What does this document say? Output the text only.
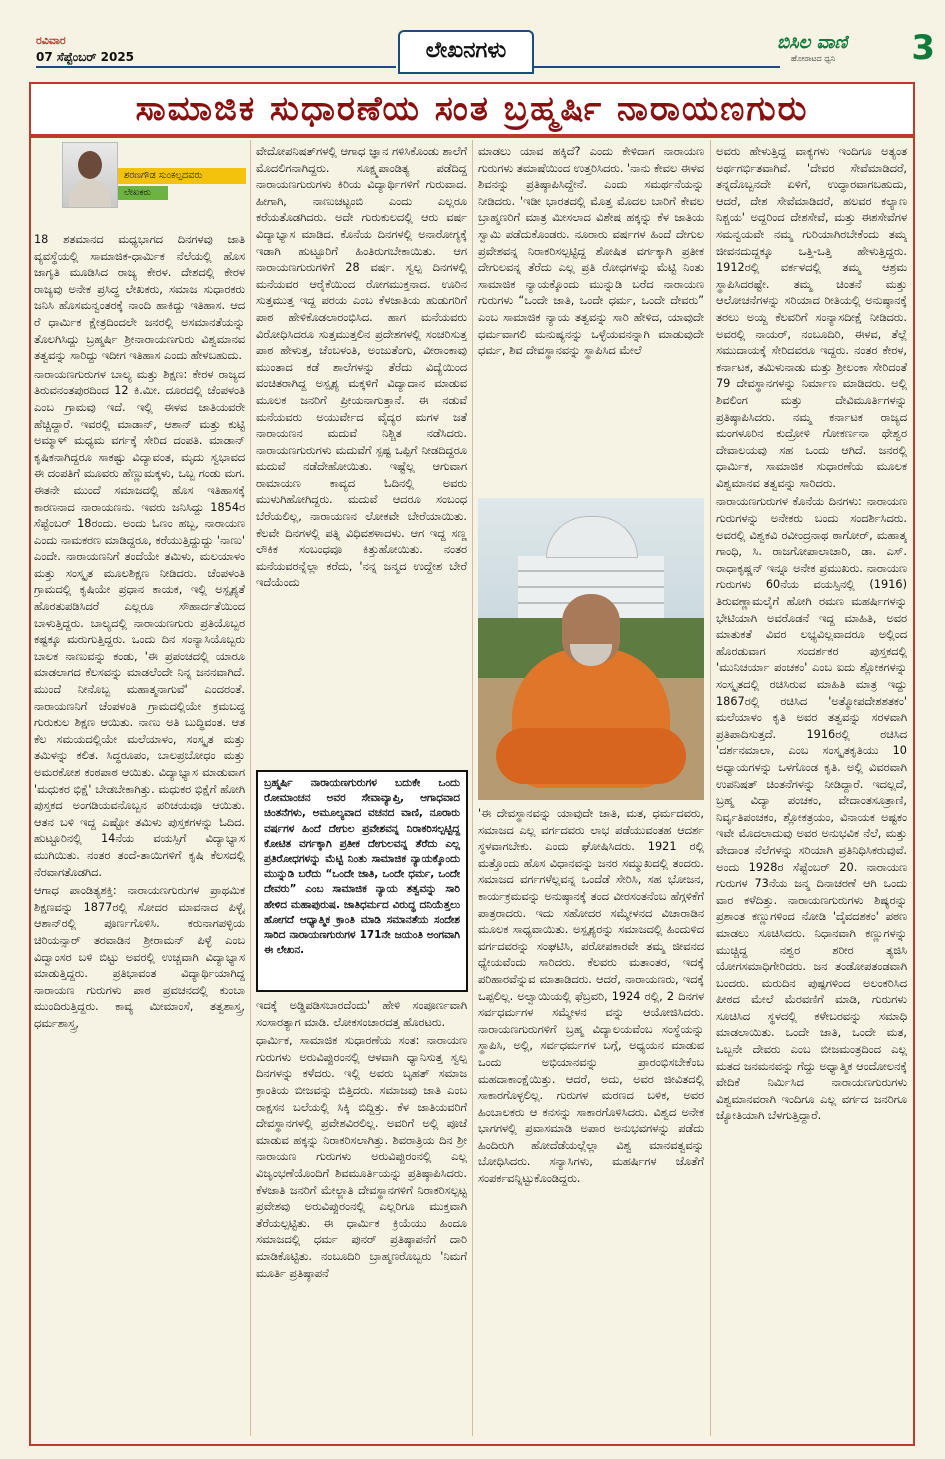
ರವಿವಾರ
07 ಸೆಪ್ಟೆಂಬರ್ 2025	ಲೇಖನಗಳು	ಬಿಸಿಲ ವಾಣಿ
ಹೋರಾಟದ ಧ್ವನಿ 3
ಸಾಮಾಜಿಕ ಸುಧಾರಣೆಯ ಸಂತ ಬ್ರಹ್ಮರ್ಷಿ ನಾರಾಯಣಗುರು
ಶರಣಗೌಡ ಸುಂಕಲ್ಪದವರು
ಲೇಖಕರು

18 ಶತಮಾನದ ಮಧ್ಯಭಾಗದ ದಿನಗಳವು ಜಾತಿ ವ್ಯವಸ್ಥೆಯಲ್ಲಿ ಸಾಮಾಜಿಕ-ಧಾರ್ಮಿಕ ನೆಲೆಯಲ್ಲಿ ಹೊಸ ಜಾಗೃತಿ ಮೂಡಿಸಿದ ರಾಜ್ಯ ಕೇರಳ. ದೇಶದಲ್ಲಿ ಕೇರಳ ರಾಜ್ಯವು ಅನೇಕ ಪ್ರಸಿದ್ಧ ಲೇಖಕರು, ಸಮಾಜ ಸುಧಾರಕರು ಜನಿಸಿ ಹೊಸಮನ್ವಂತರಕ್ಕೆ ನಾಂದಿ ಹಾಕಿದ್ದು ಇತಿಹಾಸ. ಆದ ರೆ ಧಾರ್ಮಿಕ ಕ್ಷೇತ್ರದಿಂದಲೇ ಜನರಲ್ಲಿ ಅಸಮಾನತೆಯನ್ನು ತೊಲಗಿಸಿದ್ದು ಬ್ರಹ್ಮರ್ಷಿ ಶ್ರೀನಾರಾಯಣಗುರು ವಿಶ್ವಮಾನವ ತತ್ವವನ್ನು ಸಾರಿದ್ದು ಇದೀಗ ಇತಿಹಾಸ ಎಂದು ಹೇಳಬಹುದು.

ನಾರಾಯಣಗುರುಗಳ ಬಾಲ್ಯ ಮತ್ತು ಶಿಕ್ಷಣ: ಕೇರಳ ರಾಜ್ಯದ ತಿರುವನಂತಪುರದಿಂದ 12 ಕಿ.ಮೀ. ದೂರದಲ್ಲಿ ಚೆಂಪಳಂತಿ ಎಂಬ ಗ್ರಾಮವು ಇದೆ. ಇಲ್ಲಿ ಈಳವ ಜಾತಿಯವರೇ ಹೆಚ್ಚಿದ್ದಾರೆ. ಇವರಲ್ಲಿ ಮಾಡಾನ್, ಆಶಾನ್ ಮತ್ತು ಕುಟ್ಟಿ ಅಮ್ಮಾಳ್ ಮಧ್ಯಮ ವರ್ಗಕ್ಕೆ ಸೇರಿದ ದಂಪತಿ. ಮಾಡಾನ್ ಕೃಷಿಕನಾಗಿದ್ದರೂ ಸಾಕಷ್ಟು ವಿದ್ಯಾವಂತ, ಮೃದು ಸ್ವಭಾವದ ಈ ದಂಪತಿಗೆ ಮೂವರು ಹೆಣ್ಣುಮಕ್ಕಳು, ಒಬ್ಬ ಗಂಡು ಮಗ. ಈತನೇ ಮುಂದೆ ಸಮಾಜದಲ್ಲಿ ಹೊಸ ಇತಿಹಾಸಕ್ಕೆ ಕಾರಣನಾದ ನಾರಾಯಣನು. ಇವರು ಜನಿಸಿದ್ದು 1854ರ ಸೆಪ್ಟೆಂಬರ್ 18ರಂದು. ಅಂದು ಓಣಂ ಹಬ್ಬ, ನಾರಾಯಣ ಎಂದು ನಾಮಕರಣ ಮಾಡಿದ್ದರೂ, ಕರೆಯುತ್ತಿದ್ದುದ್ದು 'ನಾಣು' ಎಂದೇ. ನಾರಾಯಣನಿಗೆ ತಂದೆಯೇ ತಮಿಳು, ಮಲಯಾಳಂ ಮತ್ತು ಸಂಸ್ಕೃತ ಮೂಲಶಿಕ್ಷಣ ನೀಡಿದರು. ಚೆಂಪಳಂತಿ ಗ್ರಾಮದಲ್ಲಿ ಕೃಷಿಯೇ ಪ್ರಧಾನ ಕಾಯಕ, ಇಲ್ಲಿ ಅಸ್ಪೃಶ್ಯತೆ ಹೊರತುಪಡಿಸಿದರೆ ಎಲ್ಲರೂ ಸೌಹಾರ್ದತೆಯಿಂದ ಬಾಳುತ್ತಿದ್ದರು. ಬಾಲ್ಯದಲ್ಲಿ ನಾರಾಯಣಗುರು ಪ್ರತಿಯೊಬ್ಬರ ಕಷ್ಟಕ್ಕೂ ಮರುಗುತ್ತಿದ್ದರು. ಒಂದು ದಿನ ಸಂನ್ಯಾಸಿಯೊಬ್ಬರು ಬಾಲಕ ನಾಣುವನ್ನು ಕಂಡು, 'ಈ ಪ್ರಪಂಚದಲ್ಲಿ ಯಾರೂ ಮಾಡಲಾಗದ ಕೆಲಸವನ್ನು ಮಾಡಲೆಂದೇ ನಿನ್ನ ಜನನವಾಗಿದೆ. ಮುಂದೆ ನೀನೊಬ್ಬ ಮಹಾತ್ಮನಾಗುವೆ' ಎಂದರಂತೆ. ನಾರಾಯಣನಿಗೆ ಚೆಂಪಳಂತಿ ಗ್ರಾಮದಲ್ಲಿಯೇ ಕ್ರಮಬದ್ಧ ಗುರುಕುಲ ಶಿಕ್ಷಣ ಆಯಿತು. ನಾಣು ಅತಿ ಬುದ್ಧಿವಂತ. ಆತ ಕೆಲ ಸಮಯದಲ್ಲಿಯೇ ಮಲೆಯಾಳಂ, ಸಂಸ್ಕೃತ ಮತ್ತು ತಮಿಳನ್ನು ಕಲಿತ. ಸಿದ್ಧರೂಪಂ, ಬಾಲಪ್ರಬೋಧಂ ಮತ್ತು ಅಮರಕೋಶ ಕಂಠಪಾಠ ಆಯಿತು. ವಿದ್ಯಾಭ್ಯಾಸ ಮಾಡುವಾಗ 'ಮಧುಕರ ಭಿಕ್ಷೆ' ಬೇಡಬೇಕಾಗಿತ್ತು. ಮಧುಕರ ಭಿಕ್ಷೆಗೆ ಹೋಗಿ ಪುಸ್ತಕದ ಅಂಗಡಿಯವನೊಬ್ಬನ ಪರಿಚಯವೂ ಆಯಿತು. ಆತನ ಬಳಿ ಇದ್ದ ಎಷ್ಟೋ ತಮಿಳು ಪುಸ್ತಕಗಳನ್ನು ಓದಿದ. ಹುಟ್ಟೂರಿನಲ್ಲಿ 14ನೆಯ ವಯಸ್ಸಿಗೆ ವಿದ್ಯಾಭ್ಯಾಸ ಮುಗಿಯಿತು. ನಂತರ ತಂದೆ-ತಾಯಿಗಳಿಗೆ ಕೃಷಿ ಕೆಲಸದಲ್ಲಿ ನೆರವಾಗತೊಡಗಿದ.

ಆಗಾಧ ಪಾಂಡಿತ್ಯಶಕ್ತಿ: ನಾರಾಯಣಗುರುಗಳ ಪ್ರಾಥಮಿಕ ಶಿಕ್ಷಣವನ್ನು 1877ರಲ್ಲಿ ಸೋದರ ಮಾವನಾದ ಪಿಳ್ಳೈ ಆಶಾನ್‌ರಲ್ಲಿ ಪೂರ್ಣಗೊಳಿಸಿ. ಕರುನಾಗಪಳ್ಳಿಯ ಚಿರಿಯನ್ಸಾರ್ ತರವಾಡಿನ ಶ್ರೀರಾಮನ್ ಪಿಳ್ಳೆ ಎಂಬ ವಿದ್ವಾಂಸರ ಬಳಿ ಬಿಟ್ಟು ಅವರಲ್ಲಿ ಉಚ್ಚವಾಗಿ ವಿದ್ಯಾಭ್ಯಾಸ ಮಾಡುತ್ತಿದ್ದರು. ಪ್ರತಿಭಾವಂತ ವಿದ್ಯಾರ್ಥಿಯಾಗಿದ್ದ ನಾರಾಯಣ ಗುರುಗಳು ಪಾಠ ಪ್ರವಚನದಲ್ಲಿ ಕುಂಬಾ ಮುಂದಿರುತ್ತಿದ್ದರು. ಕಾವ್ಯ ಮೀಮಾಂಸೆ, ತತ್ವಶಾಸ್ತ್ರ, ಧರ್ಮಶಾಸ್ತ್ರ,

ವೇದೋಪನಿಷತ್‌ಗಳಲ್ಲಿ ಆಗಾಧ ಜ್ಞಾನ ಗಳಿಸಿಕೊಂಡು ಶಾಲೆಗೆ ಮೊದಲಿಗನಾಗಿದ್ದರು. ಸೂಕ್ಷ್ಮಪಾಂಡಿತ್ಯ ಪಡೆದಿದ್ದ ನಾರಾಯಣಗುರುಗಳು ಕಿರಿಯ ವಿದ್ಯಾರ್ಥಿಗಳಿಗೆ ಗುರುವಾದ. ಹೀಗಾಗಿ, ನಾಣುಚಟ್ಟಂಬಿ ಎಂದು ಎಲ್ಲರೂ ಕರೆಯತೊಡಗಿದರು. ಅದೇ ಗುರುಕುಲದಲ್ಲಿ ಆರು ವರ್ಷ ವಿದ್ಯಾಭ್ಯಾಸ ಮಾಡಿದ. ಕೊನೆಯ ದಿನಗಳಲ್ಲಿ ಅನಾರೋಗ್ಯಕ್ಕೆ ಇಡಾಗಿ ಹುಟ್ಟೂರಿಗೆ ಹಿಂತಿರುಗಬೇಕಾಯಿತು. ಆಗ ನಾರಾಯಣಗುರುಗಳಿಗೆ 28 ವರ್ಷ. ಸ್ವಲ್ಪ ದಿನಗಳಲ್ಲಿ ಮನೆಯವರ ಆರೈಕೆಯಿಂದ ರೋಗಮುಕ್ತನಾದ. ಊರಿನ ಸುತ್ತಮುತ್ತ ಇದ್ದ ಪರಯ ಎಂಬ ಕೆಳಜಾತಿಯ ಹುಡುಗರಿಗೆ ಪಾಠ ಹೇಳಿಕೊಡಲಾರಂಭಿಸಿದ. ಹಾಗ ಮನೆಯವರು ವಿರೋಧಿಸಿದರೂ ಸುತ್ತಮುತ್ತಲಿನ ಪ್ರದೇಶಗಳಲ್ಲಿ ಸಂಚರಿಸುತ್ತ ಪಾಠ ಹೇಳುತ್ತ, ಚೆಂಬಳಂತಿ, ಅಂಜುತೆಂಗು, ವೀರಾಂಕಾವು ಮುಂತಾದ ಕಡೆ ಶಾಲೆಗಳನ್ನು ತೆರೆದು ವಿದ್ಯೆಯಿಂದ ವಂಚಿತರಾಗಿದ್ದ ಅಸ್ಪೃಶ್ಯ ಮಕ್ಕಳಿಗೆ ವಿದ್ಯಾದಾನ ಮಾಡುವ ಮೂಲಕ ಜನರಿಗೆ ಪ್ರೀಯನಾಗುತ್ತಾನೆ. ಈ ನಡುವೆ ಮನೆಯವರು ಅಯುರ್ವೇದ ವೈದ್ಯರ ಮಗಳ ಜತೆ ನಾರಾಯಣನ ಮದುವೆ ನಿಶ್ಚಿತ ನಡೆಸಿದರು. ನಾರಾಯಣಗುರುಗಳು ಮದುವೆಗೆ ಸ್ಪಷ್ಟ ಒಪ್ಪಿಗೆ ನೀಡದಿದ್ದರೂ ಮದುವೆ ನಡೆದೇಹೋಯಿತು. ಇಷ್ಟೆಲ್ಲ ಆಗುವಾಗ ರಾಮಾಯಣ ಕಾವ್ಯದ ಓದಿನಲ್ಲಿ ಅವರು ಮುಳುಗಿಹೋಗಿದ್ದರು. ಮದುವೆ ಆದರೂ ಸಂಬಂಧ ಬೆರೆಯಲಿಲ್ಲ, ನಾರಾಯಣನ ಲೋಕವೇ ಬೇರೆಯಾಯಿತು. ಕೆಲವೇ ದಿನಗಳಲ್ಲಿ ಪತ್ನಿ ವಿಧಿವಶಳಾದಳು. ಆಗ ಇದ್ದ ಸಣ್ಣ ಲೌಕಿಕ ಸಂಬಂಧವೂ ಕಿತ್ತುಹೋಯಿತು. ನಂತರ ಮನೆಯವರನ್ನೆಲ್ಲಾ ಕರೆದು, 'ನನ್ನ ಜನ್ಮದ ಉದ್ದೇಶ ಬೇರೆ ಇದೆಯೆಂದು

ಬ್ರಹ್ಮರ್ಷಿ ನಾರಾಯಣಗುರುಗಳ ಬದುಕೇ ಒಂದು ರೋಮಾಂಚನ ಅವರ ಸೇವಾವ್ಯಾಪ್ತಿ, ಆಗಾಧವಾದ ಚಿಂತನೆಗಳು, ಅಮೂಲ್ಯವಾದ ವಚನದ ವಾಣಿ, ನೂರಾರು ವರ್ಷಗಳ ಹಿಂದೆ ದೇಗುಲ ಪ್ರವೇಶವನ್ನ ನಿರಾಕರಿಸಲ್ಪಟ್ಟಿದ್ದ ಕೋಟಿತ ವರ್ಗಕ್ಕಾಗಿ ಪ್ರತೀಕ ದೇಗುಲವನ್ನ ತೆರೆದು ಎಲ್ಲ ಪ್ರತಿರೋಧಗಳನ್ನು ಮೆಟ್ಟಿ ನಿಂತು ಸಾಮಾಜಿಕ ನ್ಯಾಯಕ್ಕೊಂದು ಮುನ್ನುಡಿ ಬರೆದು “ಒಂದೇ ಜಾತಿ, ಒಂದೇ ಧರ್ಮ, ಒಂದೇ ದೇವರು” ಎಂಬ ಸಾಮಾಜಿಕ ನ್ಯಾಯ ತತ್ವವನ್ನು ಸಾರಿ ಹೇಳಿದ ಮಹಾಪುರುಷ. ಜಾತಿಧರ್ಮದ ವಿರುದ್ಧ ದನಿಯೆತ್ತಲು ಹೋಗದೆ ಆಧ್ಯಾತ್ಮಿಕ ಕ್ರಾಂತಿ ಮಾಡಿ ಸಮಾನತೆಯ ಸಂದೇಶ ಸಾರಿದ ನಾರಾಯಣಗುರುಗಳ 171ನೇ ಜಯಂತಿ ಅಂಗವಾಗಿ ಈ ಲೇಖನ.

ಇದಕ್ಕೆ ಅಡ್ಡಿಪಡಿಸಬಾರದೆಂದು' ಹೇಳಿ ಸಂಪೂರ್ಣವಾಗಿ ಸಂಸಾರತ್ಯಾಗ ಮಾಡಿ. ಲೋಕಸಂಚಾರದತ್ತ ಹೊರಟರು.

ಧಾರ್ಮಿಕ, ಸಾಮಾಜಿಕ ಸುಧಾರಣೆಯ ಸಂತ: ನಾರಾಯಣ ಗುರುಗಳು ಅರುವಿಪ್ಪುರಂನಲ್ಲಿ ಆಳವಾಗಿ ಧ್ಯಾನಿಸುತ್ತ ಸ್ವಲ್ಪ ದಿನಗಳನ್ನು ಕಳೆದರು. ಇಲ್ಲಿ ಅವರು ಬೃಹತ್ ಸಮಾಜ ಕ್ರಾಂತಿಯ ಬೀಜವನ್ನು ಬಿತ್ತಿದರು. ಸಮಾಜವು ಜಾತಿ ಎಂಬ ರಾಕ್ಷಸನ ಬಲೆಯಲ್ಲಿ ಸಿಕ್ಕಿ ಬಿದ್ದಿತ್ತು. ಕೆಳ ಜಾತಿಯವರಿಗೆ ದೇವಸ್ಥಾನಗಳಲ್ಲಿ ಪ್ರವೇಶವಿರಲಿಲ್ಲ. ಅವರಿಗೆ ಅಲ್ಲಿ ಪೂಜೆ ಮಾಡುವ ಹಕ್ಕನ್ನು ನಿರಾಕರಿಸಲಾಗಿತ್ತು. ಶಿವರಾತ್ರಿಯ ದಿನ ಶ್ರೀ ನಾರಾಯಣ ಗುರುಗಳು ಅರುವಿಪ್ಪುರಂನಲ್ಲಿ ಎಲ್ಲ ವಿಜೃಂಭಣೆಯೊಂದಿಗೆ ಶಿವಮೂರ್ತಿಯನ್ನು ಪ್ರತಿಷ್ಠಾಪಿಸಿದರು. ಕೆಳಜಾತಿ ಜನರಿಗೆ ಮೇಲ್ಜಾತಿ ದೇವಸ್ಥಾನಗಳಿಗೆ ನಿರಾಕರಿಸಲ್ಪಟ್ಟ ಪ್ರವೇಶವು ಅರುವಿಪ್ಪುರಂನಲ್ಲಿ ಎಲ್ಲರಿಗೂ ಮುಕ್ತವಾಗಿ ತೆರೆಯಲ್ಪಟ್ಟಿತು. ಈ ಧಾರ್ಮಿಕ ಕ್ರಿಯೆಯು ಹಿಂದೂ ಸಮಾಜದಲ್ಲಿ ಧರ್ಮ ಪುನರ್ ಪ್ರತಿಷ್ಠಾಪನೆಗೆ ದಾರಿ ಮಾಡಿಕೊಟ್ಟಿತು. ನಂಬೂದಿರಿ ಬ್ರಾಹ್ಮಣರೊಬ್ಬರು 'ನಿಮಗೆ ಮೂರ್ತಿ ಪ್ರತಿಷ್ಠಾಪನೆ

ಮಾಡಲು ಯಾವ ಹಕ್ಕಿದೆ? ಎಂದು ಕೇಳಿದಾಗ ನಾರಾಯಣ ಗುರುಗಳು ತಮಾಷೆಯಿಂದ ಉತ್ತರಿಸಿದರು. 'ನಾನು ಕೇವಲ ಈಳವ ಶಿವನನ್ನು ಪ್ರತಿಷ್ಠಾಪಿಸಿದ್ದೇನೆ. ಎಂದು ಸಮರ್ಥನೆಯನ್ನು ನೀಡಿದರು. 'ಇಡೀ ಭಾರತದಲ್ಲಿ ಮೊತ್ತ ಮೊದಲ ಬಾರಿಗೆ ಕೇವಲ ಬ್ರಾಹ್ಮಣರಿಗೆ ಮಾತ್ರ ಮೀಸಲಾದ ವಿಶೇಷ ಹಕ್ಕನ್ನು ಕೆಳ ಜಾತಿಯ ಸ್ವಾಮಿ ಪಡೆದುಕೊಂಡರು. ನೂರಾರು ವರ್ಷಗಳ ಹಿಂದೆ ದೇಗುಲ ಪ್ರವೇಶವನ್ನ ನಿರಾಕರಿಸಲ್ಪಟ್ಟಿದ್ದ ಶೋಷಿತ ವರ್ಗಕ್ಕಾಗಿ ಪ್ರತೀಕ ದೇಗುಲವನ್ನ ತೆರೆದು ಎಲ್ಲ ಪ್ರತಿ ರೋಧಗಳನ್ನು ಮೆಟ್ಟಿ ನಿಂತು ಸಾಮಾಜಿಕ ನ್ಯಾಯಕ್ಕೊಂದು ಮುನ್ನುಡಿ ಬರೆದ ನಾರಾಯಣ ಗುರುಗಳು “ಒಂದೇ ಜಾತಿ, ಒಂದೇ ಧರ್ಮ, ಒಂದೇ ದೇವರು” ಎಂಬ ಸಾಮಾಜಿಕ ನ್ಯಾಯ ತತ್ವವನ್ನು ಸಾರಿ ಹೇಳಿದ, ಯಾವುದೇ ಧರ್ಮವಾಗಲಿ ಮನುಷ್ಯನನ್ನು ಒಳ್ಳೆಯವನನ್ನಾಗಿ ಮಾಡುವುದೇ ಧರ್ಮ, ಶಿವ ದೇವಸ್ಥಾನವನ್ನು ಸ್ಥಾಪಿಸಿದ ಮೇಲೆ

'ಈ ದೇವಸ್ಥಾನವನ್ನು ಯಾವುದೇ ಜಾತಿ, ಮತ, ಧರ್ಮದವರು, ಸಮಾಜದ ಎಲ್ಲ ವರ್ಗದವರು ಲಾಭ ಪಡೆಯುವಂತಹ ಆದರ್ಶ ಸ್ಥಳವಾಗಬೇಕು. ಎಂದು ಘೋಷಿಸಿದರು. 1921 ರಲ್ಲಿ ಮತ್ತೊಂದು ಹೊಸ ವಿಧಾನವನ್ನು ಜನರ ಸಮ್ಮುಖದಲ್ಲಿ ತಂದರು. ಸಮಾಜದ ವರ್ಗಗಳೆಲ್ಲವನ್ನ ಒಂದೆಡೆ ಸೇರಿಸಿ, ಸಹ ಭೋಜನ, ಕಾರ್ಯಕ್ರಮವನ್ನು ಅನುಷ್ಠಾನಕ್ಕೆ ತಂದ ವೀರಸಂತನೆಂಬ ಹೆಗ್ಗಳಿಕೆಗೆ ಪಾತ್ರರಾದರು. ಇದು ಸಹೋದರ ಸಮ್ಮೇಳನದ ವಿಚಾರಾಡಿನ ಮೂಲಕ ಸಾಧ್ಯವಾಯಿತು. ಅಸ್ಪೃಶ್ಯರನ್ನು ಸಮಾಜದಲ್ಲಿ ಹಿಂದುಳಿದ ವರ್ಗದವರನ್ನು ಸಂಘಟಿಸಿ, ಪರೋಪಕಾರವೇ ತಮ್ಮ ಜೀವನದ ಧ್ಯೇಯವೆಂದು ಸಾರಿದರು. ಕೆಲವರು ಮತಾಂತರ, ಇದಕ್ಕೆ ಪರಿಹಾರವೆನ್ನುವ ಮಾತಾಡಿದರು. ಆದರೆ, ನಾರಾಯಣರು, ಇದಕ್ಕೆ ಒಪ್ಪಲಿಲ್ಲ. ಅಲ್ವಾಯಿಯಲ್ಲಿ ಫೆಬ್ರವರಿ, 1924 ರಲ್ಲಿ, 2 ದಿನಗಳ ಸರ್ವಧರ್ಮಗಳ ಸಮ್ಮೇಳನ ವನ್ನು ಆಯೋಜಿಸಿದರು. ನಾರಾಯಣಗುರುಗಳಿಗೆ ಬ್ರಹ್ಮ ವಿದ್ಯಾಲಯವೆಂಬ ಸಂಸ್ಥೆಯನ್ನು ಸ್ಥಾಪಿಸಿ, ಅಲ್ಲಿ, ಸರ್ವಧರ್ಮಗಳ ಬಗ್ಗೆ, ಅಧ್ಯಯನ ಮಾಡುವ ಒಂದು ಅಭಿಯಾನವನ್ನು ಪ್ರಾರಂಭಿಸಬೇಕೆಂಬ ಮಹದಾಕಾಂಕ್ಷೆಯಿತ್ತು. ಆದರೆ, ಅದು, ಅವರ ಜೀವಿತದಲ್ಲಿ ಸಾಕಾರಗೊಳ್ಳಲಿಲ್ಲ. ಗುರುಗಳ ಮರಣದ ಬಳಿಕ, ಅವರ ಹಿಂಬಾಲಕರು ಆ ಕನಸನ್ನು ಸಾಕಾರಗೊಳಿಸಿದರು. ವಿಶ್ವದ ಅನೇಕ ಭಾಗಗಳಲ್ಲಿ ಪ್ರವಾಸಮಾಡಿ ಅಪಾರ ಅನುಭವಗಳನ್ನು ಪಡೆದು ಹಿಂದಿರುಗಿ ಹೋದೆಡೆಯಲ್ಲೆಲ್ಲಾ ವಿಶ್ವ ಮಾನವತ್ವವನ್ನು ಬೋಧಿಸಿದರು. ಸನ್ಯಾಸಿಗಳು, ಮಹರ್ಷಿಗಳ ಜೊತೆಗೆ ಸಂಪರ್ಕವನ್ನಿಟ್ಟುಕೊಂಡಿದ್ದರು.

ಅವರು ಹೇಳುತ್ತಿದ್ದ ವಾಕ್ಯಗಳು ಇಂದಿಗೂ ಅತ್ಯಂತ ಅರ್ಥಗರ್ಭಿತವಾಗಿವೆ. 'ದೇವರ ಸೇವೆಮಾಡಿದರೆ, ತನ್ನದೊಬ್ಬನದೇ ಏಳಿಗೆ, ಉದ್ಧಾರವಾಗಬಹುದು, ಆದರೆ, ದೇಶ ಸೇವೆಮಾಡಿದರೆ, ಹಲವರ ಕಲ್ಯಾಣ ನಿಶ್ಚಯ' ಅದ್ದರಿಂದ ದೇಶಸೇವೆ, ಮತ್ತು ಈಶಸೇವೆಗಳ ಸಮನ್ವಯವೇ ನಮ್ಮ ಗುರಿಯಾಗಿರಬೇಕೆಂದು ತಮ್ಮ ಜೀವನದುದ್ದಕ್ಕೂ ಒತ್ತಿ-ಒತ್ತಿ ಹೇಳುತ್ತಿದ್ದರು. 1912ರಲ್ಲಿ ವರ್ಕಳದಲ್ಲಿ ತಮ್ಮ ಆಶ್ರಮ ಸ್ಥಾಪಿಸಿದರಷ್ಟೇ. ತಮ್ಮ ಚಿಂತನೆ ಮತ್ತು ಆಲೋಚನೆಗಳನ್ನು ಸರಿಯಾದ ರೀತಿಯಲ್ಲಿ ಅನುಷ್ಠಾನಕ್ಕೆ ತರಲು ಅಯ್ದ ಕೆಲವರಿಗೆ ಸಂನ್ಯಾಸದೀಕ್ಷೆ ನೀಡಿದರು. ಅವರಲ್ಲಿ ನಾಯರ್, ನಂಬೂದಿರಿ, ಈಳವ, ತೆಲ್ಲೆ ಸಮುದಾಯಕ್ಕೆ ಸೇರಿದವರೂ ಇದ್ದರು. ನಂತರ ಕೇರಳ, ಕರ್ನಾಟಕ, ತಮಿಳುನಾಡು ಮತ್ತು ಶ್ರೀಲಂಕಾ ಸೇರಿದಂತೆ 79 ದೇವಸ್ಥಾನಗಳನ್ನು ನಿರ್ಮಾಣ ಮಾಡಿದರು. ಅಲ್ಲಿ ಶಿವಲಿಂಗ ಮತ್ತು ದೇವಿಮೂರ್ತಿಗಳನ್ನು ಪ್ರತಿಷ್ಠಾಪಿಸಿದರು. ನಮ್ಮ ಕರ್ನಾಟಕ ರಾಜ್ಯದ ಮಂಗಳೂರಿನ ಕುದ್ರೋಳಿ ಗೋಕರ್ಣನಾ ಥೇಶ್ವರ ದೇವಾಲಯವು ಸಹ ಒಂದು ಆಗಿದೆ. ಜನರಲ್ಲಿ ಧಾರ್ಮಿಕ, ಸಾಮಾಜಿಕ ಸುಧಾರಣೆಯ ಮೂಲಕ ವಿಶ್ವಮಾನವ ತತ್ವವನ್ನು ಸಾರಿದರು.

ನಾರಾಯಣಗುರುಗಳ ಕೊನೆಯ ದಿನಗಳು: ನಾರಾಯಣ ಗುರುಗಳನ್ನು ಅನೇಕರು ಬಂದು ಸಂದರ್ಶಿಸಿದರು. ಅವರಲ್ಲಿ ವಿಶ್ವಕವಿ ರವೀಂದ್ರನಾಥ ಠಾಗೋರ್, ಮಹಾತ್ಮ ಗಾಂಧಿ, ಸಿ. ರಾಜಗೋಪಾಲಾಚಾರಿ, ಡಾ. ಎಸ್. ರಾಧಾಕೃಷ್ಣನ್ ಇನ್ನೂ ಅನೇಕ ಪ್ರಮುಖರು. ನಾರಾಯಣ ಗುರುಗಳು 60ನೆಯ ವಯಸ್ಸಿನಲ್ಲಿ (1916) ತಿರುವಣ್ಣಾಮಲೈಗೆ ಹೋಗಿ ರಮಣ ಮಹರ್ಷಿಗಳನ್ನು ಭೇಟಿಯಾಗಿ ಅವರೊಡನೆ ಇದ್ದ ಮಾಹಿತಿ, ಅವರ ಮಾತುಕತೆ ವಿವರ ಲಭ್ಯವಿಲ್ಲವಾದರೂ ಅಲ್ಲಿಂದ ಹೊರಡುವಾಗ ಸಂದರ್ಶಕರ ಪುಸ್ತಕದಲ್ಲಿ 'ಮುನಿಚರ್ಯಾ ಪಂಚಕಂ' ಎಂಬ ಐದು ಶ್ಲೋಕಗಳನ್ನು ಸಂಸ್ಕೃತದಲ್ಲಿ ರಚಿಸಿರುವ ಮಾಹಿತಿ ಮಾತ್ರ ಇದ್ದು 1867ರಲ್ಲಿ ರಚಿಸಿದ 'ಅತ್ಮೋಪದೇಶಶತಕಂ' ಮಲೆಯಾಳಂ ಕೃತಿ ಅವರ ತತ್ವವನ್ನು ಸರಳವಾಗಿ ಪ್ರತಿಪಾದಿಸುತ್ತದೆ. 1916ರಲ್ಲಿ ರಚಿಸಿದ 'ದರ್ಶನಮಾಲಾ, ಎಂಬ ಸಂಸ್ಕೃತಕೃತಿಯು 10 ಅಧ್ಯಾಯಗಳನ್ನು ಒಳಗೊಂಡ ಕೃತಿ. ಅಲ್ಲಿ ವಿವರವಾಗಿ ಉಪನಿಷತ್ ಚಿಂತನೆಗಳನ್ನು ನೀಡಿದ್ದಾರೆ. ಇದಲ್ಲದೆ, ಬ್ರಹ್ಮ ವಿದ್ಯಾ ಪಂಚಕಂ, ವೇದಾಂತಸೂತ್ರಾಣಿ, ನಿರ್ವೃತಿಪಂಚಕಂ, ಶ್ಲೋಕತ್ರಯಂ, ವಿನಾಯಕ ಅಷ್ಟಕಂ ಇವೇ ಮೊದಲಾದುವು ಅವರ ಅನುಭವಿಕ ನೆಲೆ, ಮತ್ತು ವೇದಾಂತ ನೆಲೆಗಳನ್ನು ಸರಿಯಾಗಿ ಪ್ರತಿನಿಧಿಸಿಕರುವುವೆ. ಅಂದು 1928ರ ಸೆಪ್ಟೆಂಬರ್ 20. ನಾರಾಯಣ ಗುರುಗಳ 73ನೆಯ ಜನ್ಮ ದಿನಾಚರಣೆ ಆಗಿ ಒಂದು ವಾರ ಕಳೆದಿತ್ತು. ನಾರಾಯಣಗುರುಗಳು ಶಿಷ್ಯರನ್ನು ಪ್ರಶಾಂತ ಕಣ್ಣುಗಳಿಂದ ನೋಡಿ 'ದೈವದಶಕಂ' ಪಠಣ ಮಾಡಲು ಸೂಚಿಸಿದರು. ನಿಧಾನವಾಗಿ ಕಣ್ಣುಗಳನ್ನು ಮುಚ್ಚಿದ್ದ ನಶ್ವರ ಶರೀರ ತ್ಯಜಿಸಿ ಯೋಗಸಮಾಧಿಗೇರಿದರು. ಜನ ತಂಡೋಪತಂಡವಾಗಿ ಬಂದರು. ಮರುದಿನ ಪುಷ್ಪಗಳಿಂದ ಅಲಂಕರಿಸಿದ ಪೀಠದ ಮೇಲೆ ಮೆರವಣಿಗೆ ಮಾಡಿ, ಗುರುಗಳು ಸೂಚಿಸಿದ ಸ್ಥಳದಲ್ಲಿ ಕಳೇಬರವನ್ನು ಸಮಾಧಿ ಮಾಡಲಾಯಿತು. ಒಂದೇ ಜಾತಿ, ಒಂದೇ ಮತ, ಒಬ್ಬನೇ ದೇವರು ಎಂಬ ಬೀಜಮಂತ್ರದಿಂದ ಎಲ್ಲ ಮತದ ಜನಮನವನ್ನು ಗೆದ್ದು ಅಧ್ಯಾತ್ಮಿಕ ಆಂದೋಲನಕ್ಕೆ ವೇದಿಕೆ ನಿರ್ಮಿಸಿದ ನಾರಾಯಣಗುರುಗಳು ವಿಶ್ವಮಾನವರಾಗಿ ಇಂದಿಗೂ ಎಲ್ಲ ವರ್ಗದ ಜನರಿಗೂ ಜ್ಯೋತಿಯಾಗಿ ಬೆಳಗುತ್ತಿದ್ದಾರೆ.
